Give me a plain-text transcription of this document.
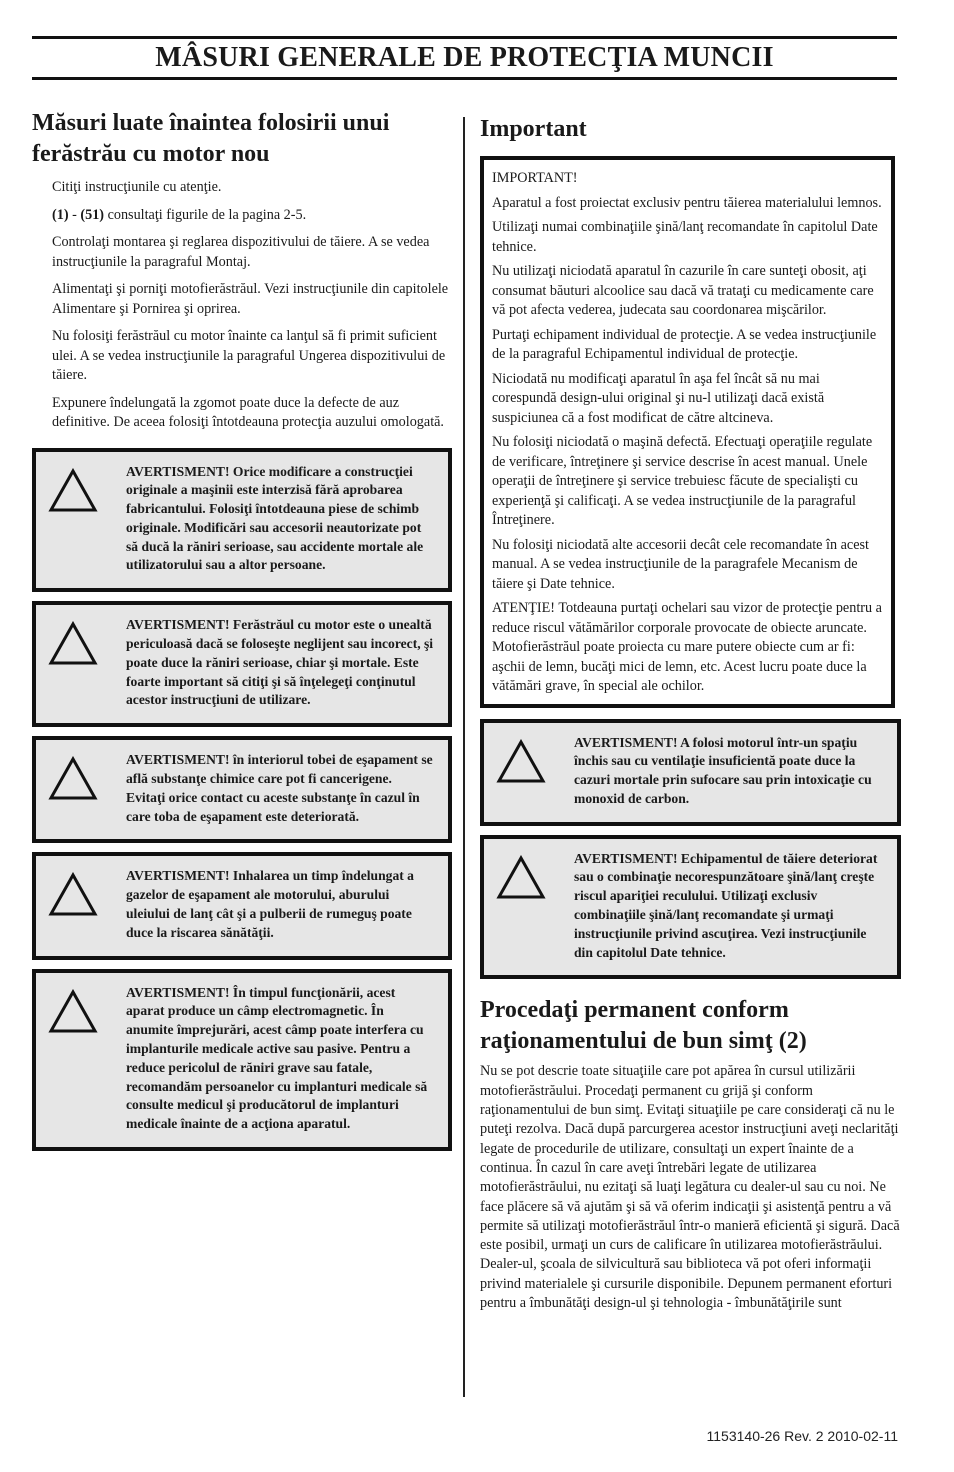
MÂSURI GENERALE DE PROTECŢIA MUNCII
Măsuri luate înaintea folosirii unui ferăstrău cu motor nou

Citiţi instrucţiunile cu atenţie.

(1) - (51) consultaţi figurile de la pagina 2-5.

Controlaţi montarea şi reglarea dispozitivului de tăiere. A se vedea instrucţiunile la paragraful Montaj.

Alimentaţi şi porniţi motofierăstrăul. Vezi instrucţiunile din capitolele Alimentare şi Pornirea şi oprirea.

Nu folosiţi ferăstrăul cu motor înainte ca lanţul să fi primit suficient ulei. A se vedea instrucţiunile la paragraful Ungerea dispozitivului de tăiere.

Expunere îndelungată la zgomot poate duce la defecte de auz definitive. De aceea folosiţi întotdeauna protecţia auzului omologată.

AVERTISMENT! Orice modificare a construcţiei originale a maşinii este interzisă fără aprobarea fabricantului. Folosiţi întotdeauna piese de schimb originale. Modificări sau accesorii neautorizate pot să ducă la răniri serioase, sau accidente mortale ale utilizatorului sau a altor persoane.

AVERTISMENT! Ferăstrăul cu motor este o unealtă periculoasă dacă se foloseşte neglijent sau incorect, şi poate duce la răniri serioase, chiar şi mortale. Este foarte important să citiţi şi să înţelegeţi conţinutul acestor instrucţiuni de utilizare.

AVERTISMENT! în interiorul tobei de eşapament se află substanţe chimice care pot fi cancerigene. Evitaţi orice contact cu aceste substanţe în cazul în care toba de eşapament este deteriorată.

AVERTISMENT! Inhalarea un timp îndelungat a gazelor de eşapament ale motorului, aburului uleiului de lanţ cât şi a pulberii de rumeguş poate duce la riscarea sănătăţii.

AVERTISMENT! În timpul funcţionării, acest aparat produce un câmp electromagnetic. În anumite împrejurări, acest câmp poate interfera cu implanturile medicale active sau pasive. Pentru a reduce pericolul de răniri grave sau fatale, recomandăm persoanelor cu implanturi medicale să consulte medicul şi producătorul de implanturi medicale înainte de a acţiona aparatul.

Important

IMPORTANT!

Aparatul a fost proiectat exclusiv pentru tăierea materialului lemnos.

Utilizaţi numai combinaţiile şină/lanţ recomandate în capitolul Date tehnice.

Nu utilizaţi niciodată aparatul în cazurile în care sunteţi obosit, aţi consumat băuturi alcoolice sau dacă vă trataţi cu medicamente care vă pot afecta vederea, judecata sau coordonarea mişcărilor.

Purtaţi echipament individual de protecţie. A se vedea instrucţiunile de la paragraful Echipamentul individual de protecţie.

Niciodată nu modificaţi aparatul în aşa fel încât să nu mai corespundă design-ului original şi nu-l utilizaţi dacă există suspiciunea că a fost modificat de către altcineva.

Nu folosiţi niciodată o maşină defectă. Efectuaţi operaţiile regulate de verificare, întreţinere şi service descrise în acest manual. Unele operaţii de întreţinere şi service trebuiesc făcute de specialişti cu experienţă şi calificaţi. A se vedea instrucţiunile de la paragraful Întreţinere.

Nu folosiţi niciodată alte accesorii decât cele recomandate în acest manual. A se vedea instrucţiunile de la paragrafele Mecanism de tăiere şi Date tehnice.

ATENŢIE! Totdeauna purtaţi ochelari sau vizor de protecţie pentru a reduce riscul vătămărilor corporale provocate de obiecte aruncate. Motofierăstrăul poate proiecta cu mare putere obiecte cum ar fi: aşchii de lemn, bucăţi mici de lemn, etc. Acest lucru poate duce la vătămări grave, în special ale ochilor.

AVERTISMENT! A folosi motorul într-un spaţiu închis sau cu ventilaţie insuficientă poate duce la cazuri mortale prin sufocare sau prin intoxicaţie cu monoxid de carbon.

AVERTISMENT! Echipamentul de tăiere deteriorat sau o combinaţie necorespunzătoare şină/lanţ creşte riscul apariţiei reculului. Utilizaţi exclusiv combinaţiile şină/lanţ recomandate şi urmaţi instrucţiunile privind ascuţirea. Vezi instrucţiunile din capitolul Date tehnice.

Procedaţi permanent conform raţionamentului de bun simţ (2)

Nu se pot descrie toate situaţiile care pot apărea în cursul utilizării motofierăstrăului. Procedaţi permanent cu grijă şi conform raţionamentului de bun simţ. Evitaţi situaţiile pe care consideraţi că nu le puteţi rezolva. Dacă după parcurgerea acestor instrucţiuni aveţi neclarităţi legate de procedurile de utilizare, consultaţi un expert înainte de a continua. În cazul în care aveţi întrebări legate de utilizarea motofierăstrăului, nu ezitaţi să luaţi legătura cu dealer-ul sau cu noi. Ne face plăcere să vă ajutăm şi să vă oferim indicaţii şi asistenţă pentru a vă permite să utilizaţi motofierăstrăul într-o manieră eficientă şi sigură. Dacă este posibil, urmaţi un curs de calificare în utilizarea motofierăstrăului. Dealer-ul, şcoala de silvicultură sau biblioteca vă pot oferi informaţii privind materialele şi cursurile disponibile. Depunem permanent eforturi pentru a îmbunătăţi design-ul şi tehnologia - îmbunătăţirile sunt

1153140-26 Rev. 2 2010-02-11
